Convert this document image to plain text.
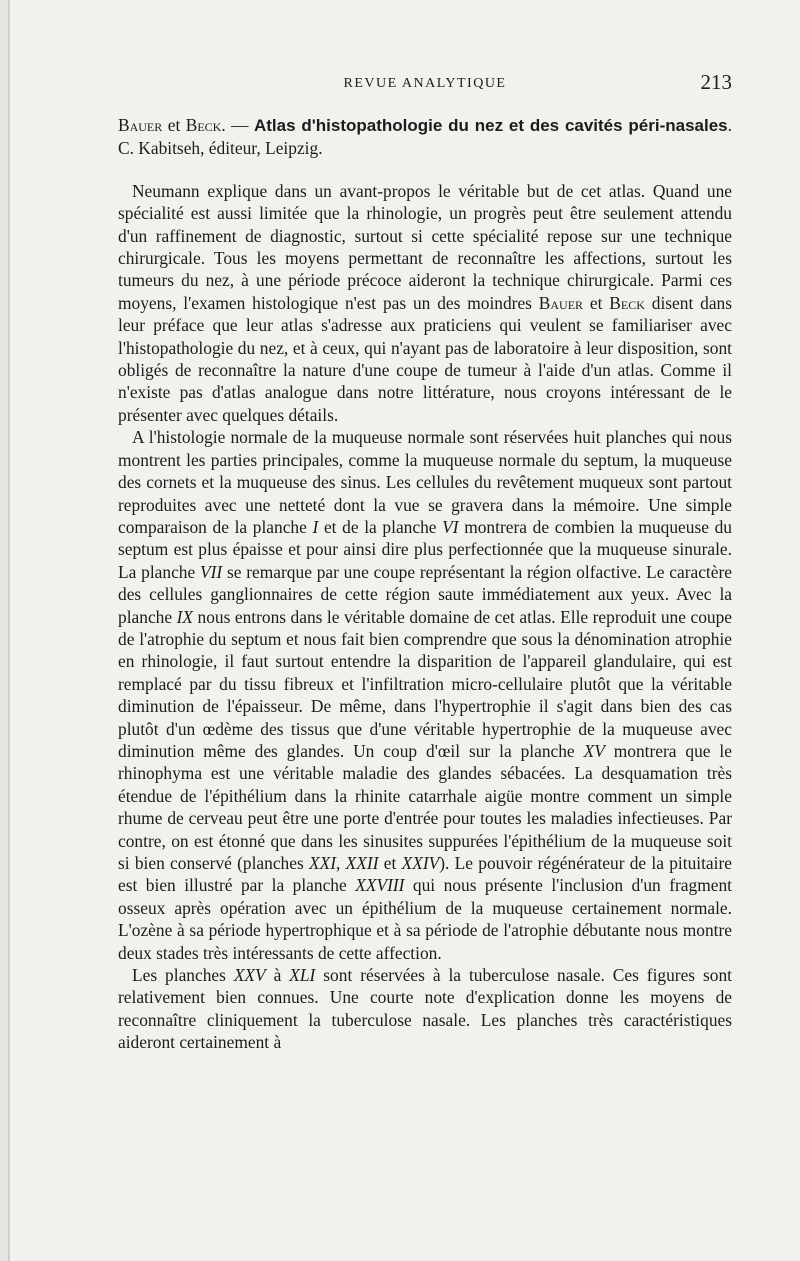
REVUE ANALYTIQUE	213
Bauer et Beck. — Atlas d'histopathologie du nez et des cavités péri-nasales. C. Kabitseh, éditeur, Leipzig.

Neumann explique dans un avant-propos le véritable but de cet atlas. Quand une spécialité est aussi limitée que la rhinologie, un progrès peut être seulement attendu d'un raffinement de diagnostic, surtout si cette spécialité repose sur une technique chirurgicale. Tous les moyens permettant de reconnaître les affections, surtout les tumeurs du nez, à une période précoce aideront la technique chirurgicale. Parmi ces moyens, l'examen histologique n'est pas un des moindres Bauer et Beck disent dans leur préface que leur atlas s'adresse aux praticiens qui veulent se familiariser avec l'histopathologie du nez, et à ceux, qui n'ayant pas de laboratoire à leur disposition, sont obligés de reconnaître la nature d'une coupe de tumeur à l'aide d'un atlas. Comme il n'existe pas d'atlas analogue dans notre littérature, nous croyons intéressant de le présenter avec quelques détails.

A l'histologie normale de la muqueuse normale sont réservées huit planches qui nous montrent les parties principales, comme la muqueuse normale du septum, la muqueuse des cornets et la muqueuse des sinus. Les cellules du revêtement muqueux sont partout reproduites avec une netteté dont la vue se gravera dans la mémoire. Une simple comparaison de la planche I et de la planche VI montrera de combien la muqueuse du septum est plus épaisse et pour ainsi dire plus perfectionnée que la muqueuse sinurale. La planche VII se remarque par une coupe représentant la région olfactive. Le caractère des cellules ganglionnaires de cette région saute immédiatement aux yeux. Avec la planche IX nous entrons dans le véritable domaine de cet atlas. Elle reproduit une coupe de l'atrophie du septum et nous fait bien comprendre que sous la dénomination atrophie en rhinologie, il faut surtout entendre la disparition de l'appareil glandulaire, qui est remplacé par du tissu fibreux et l'infiltration micro-cellulaire plutôt que la véritable diminution de l'épaisseur. De même, dans l'hypertrophie il s'agit dans bien des cas plutôt d'un œdème des tissus que d'une véritable hypertrophie de la muqueuse avec diminution même des glandes. Un coup d'œil sur la planche XV montrera que le rhinophyma est une véritable maladie des glandes sébacées. La desquamation très étendue de l'épithélium dans la rhinite catarrhale aigüe montre comment un simple rhume de cerveau peut être une porte d'entrée pour toutes les maladies infectieuses. Par contre, on est étonné que dans les sinusites suppurées l'épithélium de la muqueuse soit si bien conservé (planches XXI, XXII et XXIV). Le pouvoir régénérateur de la pituitaire est bien illustré par la planche XXVIII qui nous présente l'inclusion d'un fragment osseux après opération avec un épithélium de la muqueuse certainement normale. L'ozène à sa période hypertrophique et à sa période de l'atrophie débutante nous montre deux stades très intéressants de cette affection.

Les planches XXV à XLI sont réservées à la tuberculose nasale. Ces figures sont relativement bien connues. Une courte note d'explication donne les moyens de reconnaître cliniquement la tuberculose nasale. Les planches très caractéristiques aideront certainement à
